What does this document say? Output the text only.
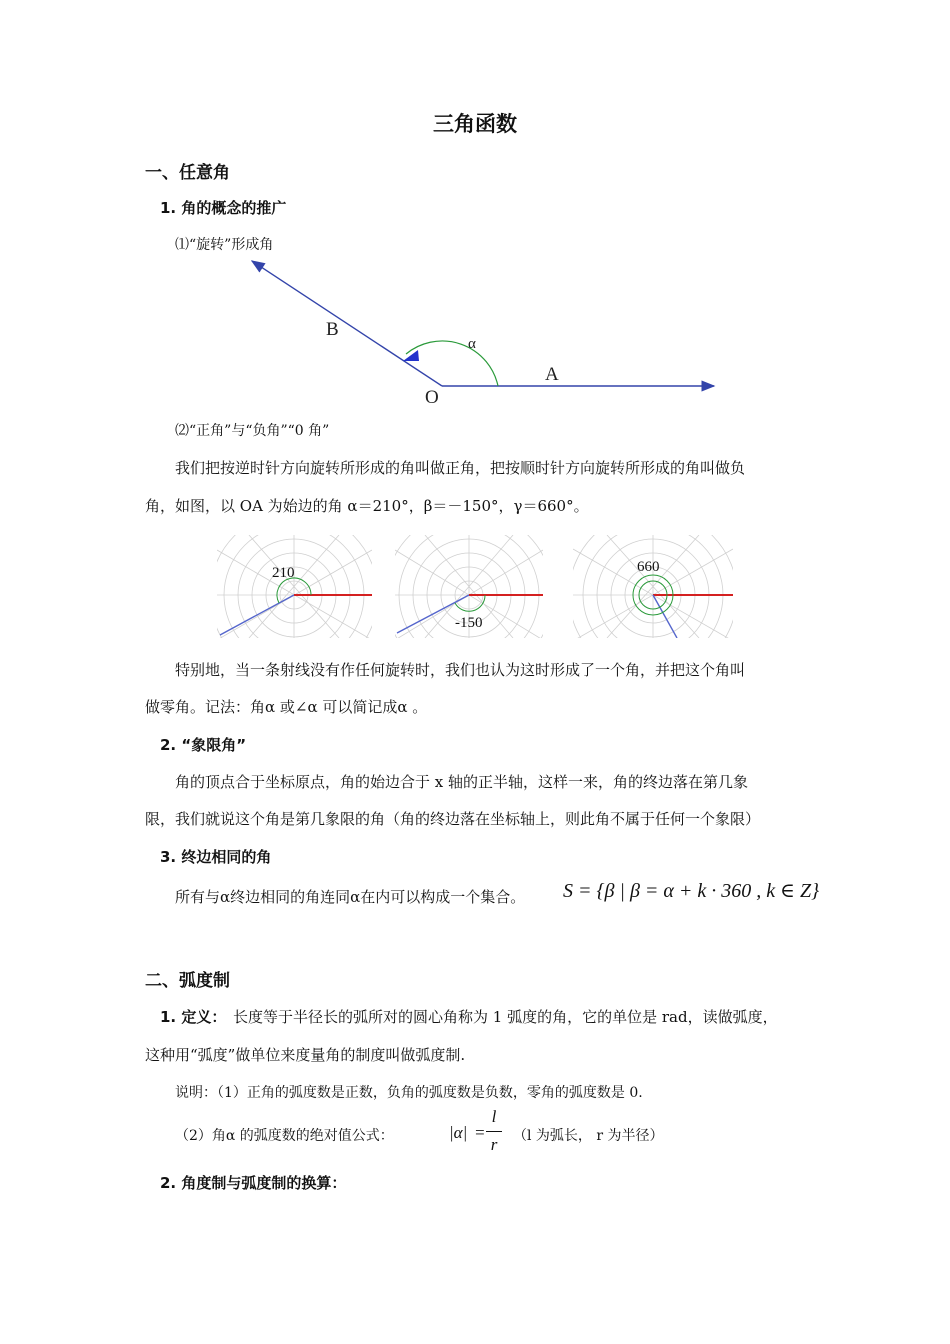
三角函数
一、任意角
1. 角的概念的推广
⑴“旋转”形成角
B
α
A
O
⑵“正角”与“负角”“0 角”
我们把按逆时针方向旋转所形成的角叫做正角，把按顺时针方向旋转所形成的角叫做负
角，如图，以 OA 为始边的角 α＝210°，β＝－150°，γ＝660°。
210
-150
660
特别地，当一条射线没有作任何旋转时，我们也认为这时形成了一个角，并把这个角叫
做零角。记法：角α 或∠α 可以简记成α 。
2. “象限角”
角的顶点合于坐标原点，角的始边合于 x 轴的正半轴，这样一来，角的终边落在第几象
限，我们就说这个角是第几象限的角（角的终边落在坐标轴上，则此角不属于任何一个象限）
3. 终边相同的角
所有与α终边相同的角连同α在内可以构成一个集合。 S = {β | β = α + k · 360 , k ∈ Z}
二、弧度制
1. 定义： 长度等于半径长的弧所对的圆心角称为 1 弧度的角，它的单位是 rad，读做弧度，
这种用“弧度”做单位来度量角的制度叫做弧度制.
说明：（1）正角的弧度数是正数，负角的弧度数是负数，零角的弧度数是 0.
（2）角α 的弧度数的绝对值公式：	|α| =
l
r	（l 为弧长， r 为半径）
2. 角度制与弧度制的换算：
